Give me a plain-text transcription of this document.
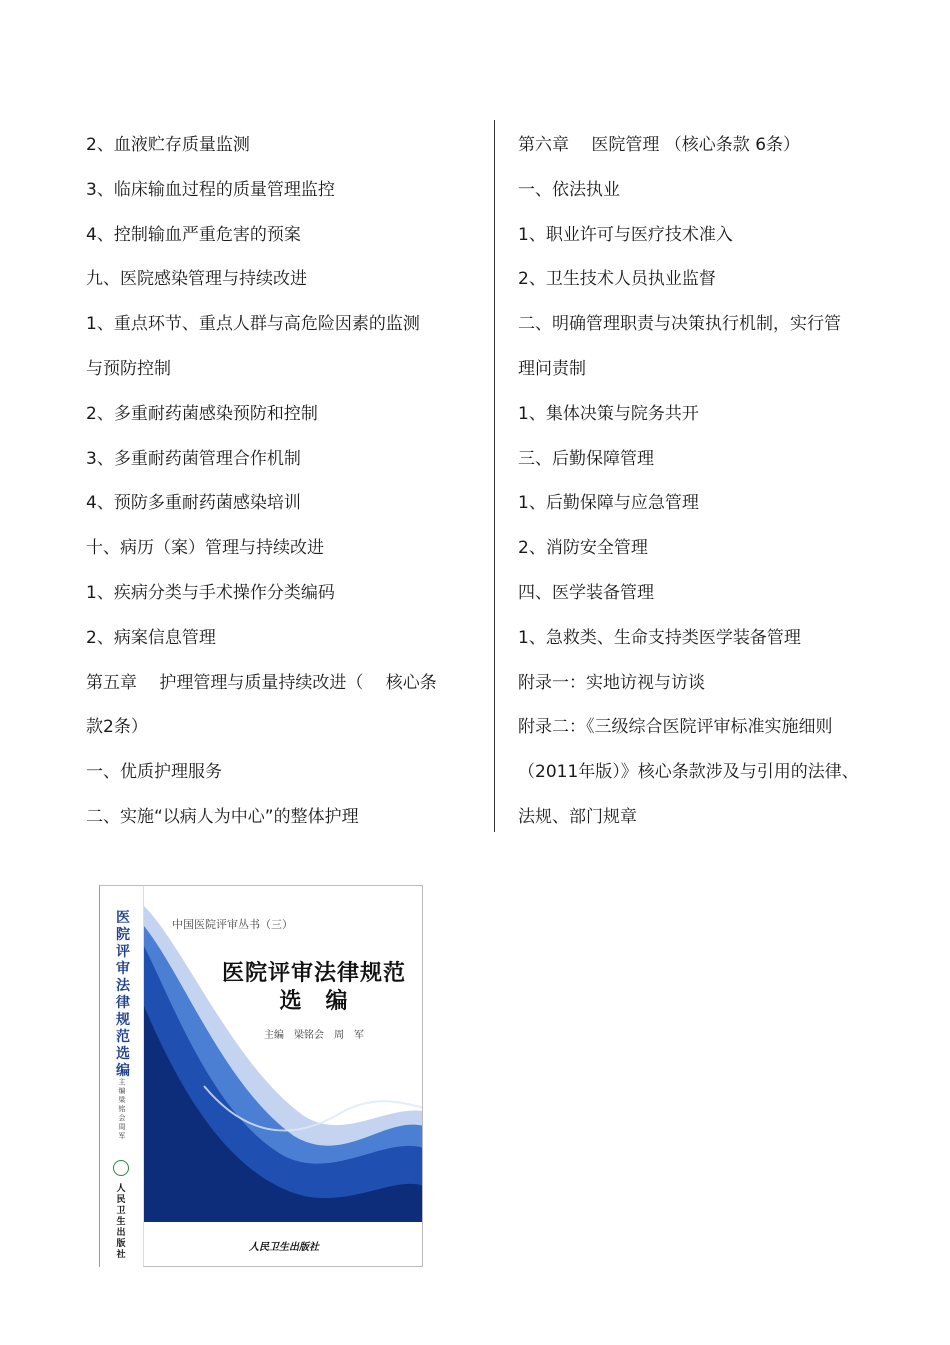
2、血液贮存质量监测
3、临床输血过程的质量管理监控
4、控制输血严重危害的预案
九、医院感染管理与持续改进
1、重点环节、重点人群与高危险因素的监测
与预防控制
2、多重耐药菌感染预防和控制
3、多重耐药菌管理合作机制
4、预防多重耐药菌感染培训
十、病历（案）管理与持续改进
1、疾病分类与手术操作分类编码
2、病案信息管理
第五章　 护理管理与质量持续改进（　 核心条
款2条）
一、优质护理服务
二、实施“以病人为中心”的整体护理
第六章　 医院管理 （核心条款 6条）
一、依法执业
1、职业许可与医疗技术准入
2、卫生技术人员执业监督
二、明确管理职责与决策执行机制，实行管
理问责制
1、集体决策与院务共开
三、后勤保障管理
1、后勤保障与应急管理
2、消防安全管理
四、医学装备管理
1、急救类、生命支持类医学装备管理
附录一：实地访视与访谈
附录二：《三级综合医院评审标准实施细则
（2011年版）》核心条款涉及与引用的法律、
法规、部门规章
医院评审法律规范选编
主编 梁铭会 周 军
人民卫生出版社
中国医院评审丛书（三）
医院评审法律规范
选　编
主编　梁铭会　周　军
人民卫生出版社
